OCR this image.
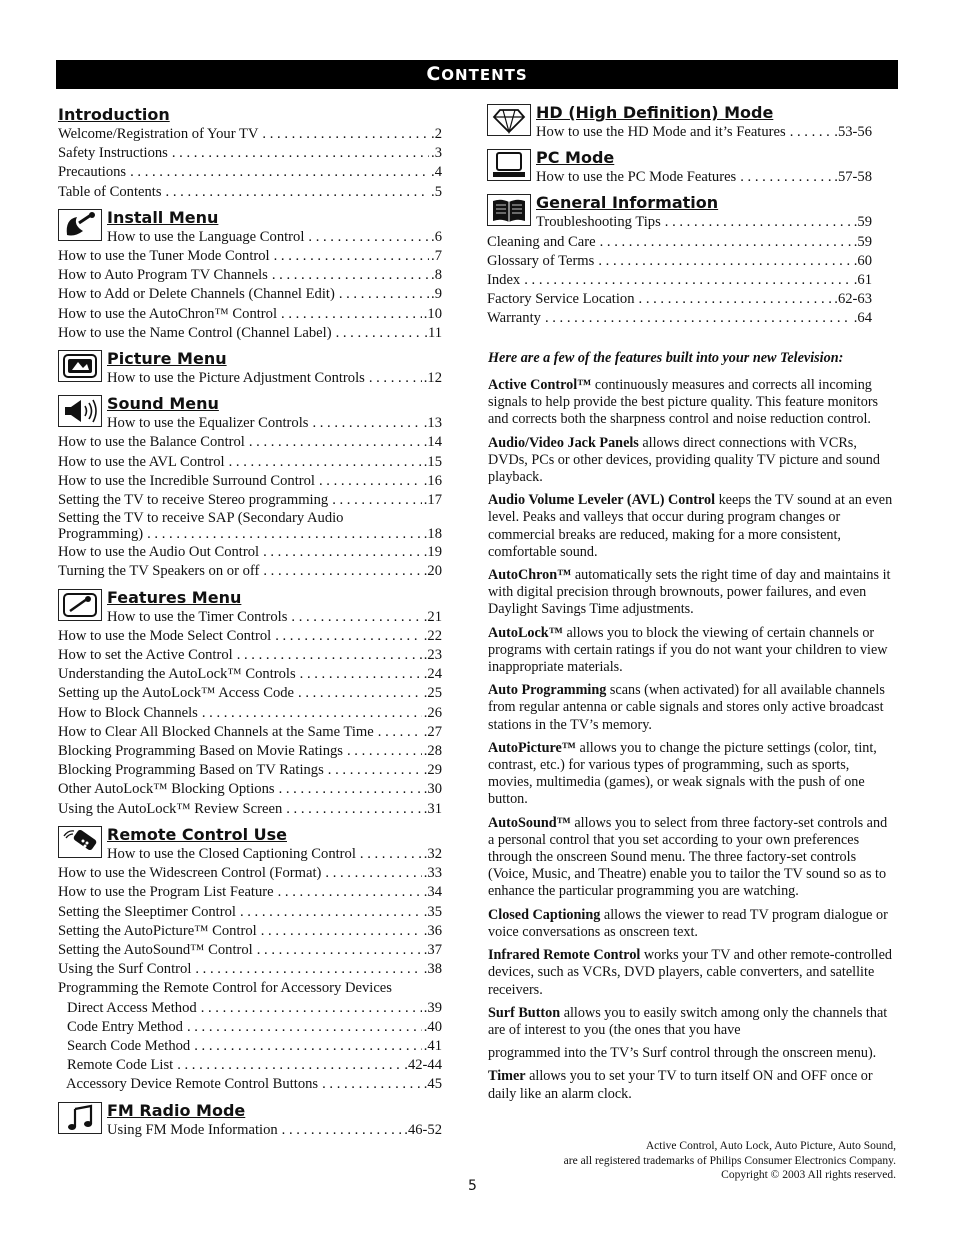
CONTENTS
Introduction
Welcome/Registration of Your TV . . .	.2
Safety Instructions . . .	.3
Precautions . . .	.4
Table of Contents . . .	.5
Install Menu
How to use the Language Control . . .	.6
How to use the Tuner Mode Control . . .	.7
How to Auto Program TV Channels . . .	.8
How to Add or Delete Channels (Channel Edit) . . .	.9
How to use the AutoChron™ Control . . .	.10
How to use the Name Control (Channel Label) . . .	.11
Picture Menu
How to use the Picture Adjustment Controls . . .	.12
Sound Menu
How to use the Equalizer Controls . . .	.13
How to use the Balance Control . . .	.14
How to use the AVL Control . . .	.15
How to use the Incredible Surround Control . . .	.16
Setting the TV to receive Stereo programming . . .	.17
Setting the TV to receive SAP (Secondary Audio
Programming) . . .	.18
How to use the Audio Out Control . . .	.19
Turning the TV Speakers on or off . . .	.20
Features Menu
How to use the Timer Controls . . .	.21
How to use the Mode Select Control . . .	.22
How to set the Active Control . . .	.23
Understanding the AutoLock™ Controls . . .	.24
Setting up the AutoLock™ Access Code . . .	.25
How to Block Channels . . .	.26
How to Clear All Blocked Channels at the Same Time . . .	.27
Blocking Programming Based on Movie Ratings . . .	.28
Blocking Programming Based on TV Ratings . . .	.29
Other AutoLock™ Blocking Options . . .	.30
Using the AutoLock™ Review Screen . . .	.31
Remote Control Use
How to use the Closed Captioning Control . . .	.32
How to use the Widescreen Control (Format) . . .	.33
How to use the Program List Feature . . .	.34
Setting the Sleeptimer Control . . .	.35
Setting the AutoPicture™ Control . . .	.36
Setting the AutoSound™ Control . . .	.37
Using the Surf Control . . .	.38
Programming the Remote Control for Accessory Devices
Direct Access Method . . .	.39
Code Entry Method . . .	.40
Search Code Method . . .	.41
Remote Code List . . .	.42-44
Accessory Device Remote Control Buttons . . .	.45
FM Radio Mode
Using FM Mode Information . . .	.46-52
HD (High Definition) Mode
How to use the HD Mode and it’s Features . . .	.53-56
PC Mode
How to use the PC Mode Features . . .	.57-58
General Information
Troubleshooting Tips . . .	.59
Cleaning and Care . . .	.59
Glossary of Terms . . .	.60
Index . . .	.61
Factory Service Location . . .	.62-63
Warranty . . .	.64
Here are a few of the features built into your new Television:
Active Control™ continuously measures and corrects all incoming signals to help provide the best picture quality. This feature monitors and corrects both the sharpness control and noise reduction control.
Audio/Video Jack Panels allows direct connections with VCRs, DVDs, PCs or other devices, providing quality TV picture and sound playback.
Audio Volume Leveler (AVL) Control keeps the TV sound at an even level. Peaks and valleys that occur during program changes or commercial breaks are reduced, making for a more consistent, comfortable sound.
AutoChron™ automatically sets the right time of day and maintains it with digital precision through brownouts, power failures, and even Daylight Savings Time adjustments.
AutoLock™ allows you to block the viewing of certain channels or programs with certain ratings if you do not want your children to view inappropriate materials.
Auto Programming scans (when activated) for all available channels from regular antenna or cable signals and stores only active broadcast stations in the TV’s memory.
AutoPicture™ allows you to change the picture settings (color, tint, contrast, etc.) for various types of programming, such as sports, movies, multimedia (games), or weak signals with the push of one button.
AutoSound™ allows you to select from three factory-set controls and a personal control that you set according to your own preferences through the onscreen Sound menu. The three factory-set controls (Voice, Music, and Theatre) enable you to tailor the TV sound so as to enhance the particular programming you are watching.
Closed Captioning allows the viewer to read TV program dialogue or voice conversations as onscreen text.
Infrared Remote Control works your TV and other remote-controlled devices, such as VCRs, DVD players, cable converters, and satellite receivers.
Surf Button allows you to easily switch among only the channels that are of interest to you (the ones that you have
programmed into the TV’s Surf control through the onscreen menu).
Timer allows you to set your TV to turn itself ON and OFF once or daily like an alarm clock.
Active Control, Auto Lock, Auto Picture, Auto Sound,
are all registered trademarks of Philips Consumer Electronics Company.
Copyright © 2003 All rights reserved.
5
